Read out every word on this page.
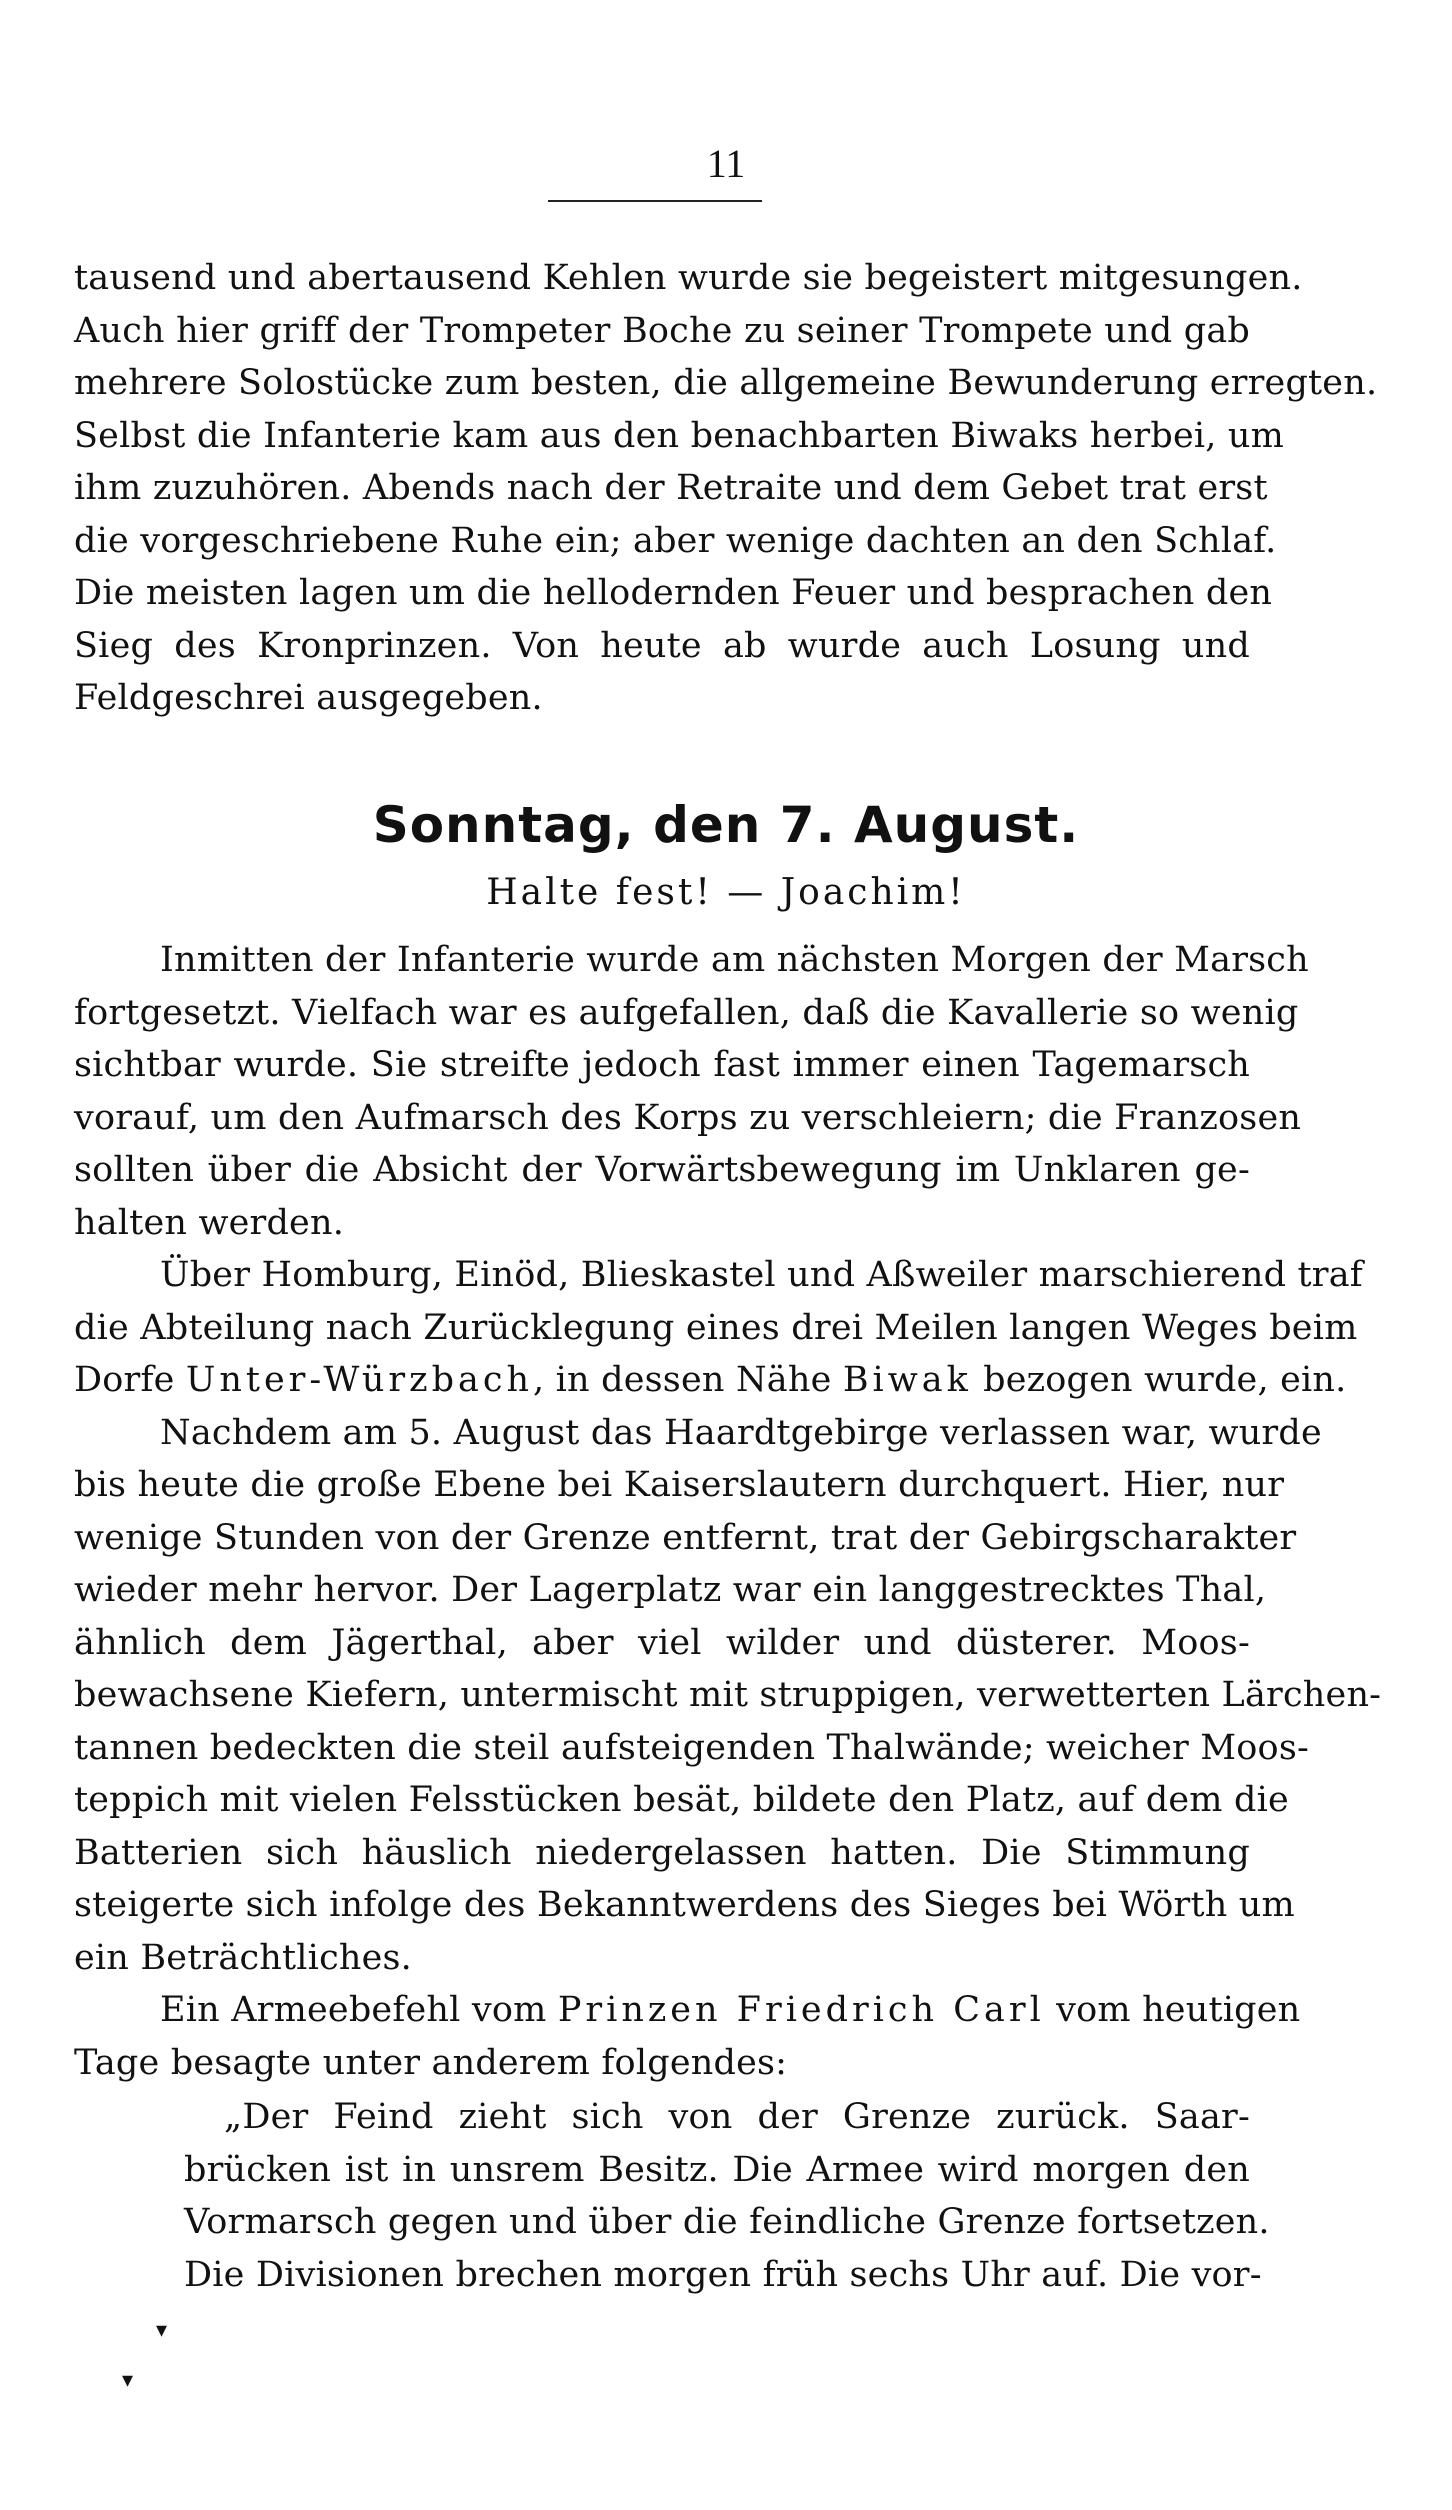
11
tausend und abertausend Kehlen wurde sie begeistert mitgesungen.
Auch hier griff der Trompeter Boche zu seiner Trompete und gab
mehrere Solostücke zum besten, die allgemeine Bewunderung erregten.
Selbst die Infanterie kam aus den benachbarten Biwaks herbei, um
ihm zuzuhören. Abends nach der Retraite und dem Gebet trat erst
die vorgeschriebene Ruhe ein; aber wenige dachten an den Schlaf.
Die meisten lagen um die hellodernden Feuer und besprachen den
Sieg des Kronprinzen. Von heute ab wurde auch Losung und
Feldgeschrei ausgegeben.
Sonntag, den 7. August.
Halte fest! — Joachim!
Inmitten der Infanterie wurde am nächsten Morgen der Marsch
fortgesetzt. Vielfach war es aufgefallen, daß die Kavallerie so wenig
sichtbar wurde. Sie streifte jedoch fast immer einen Tagemarsch
vorauf, um den Aufmarsch des Korps zu verschleiern; die Franzosen
sollten über die Absicht der Vorwärtsbewegung im Unklaren ge-
halten werden.
Über Homburg, Einöd, Blieskastel und Aßweiler marschierend traf
die Abteilung nach Zurücklegung eines drei Meilen langen Weges beim
Dorfe Unter-Würzbach, in dessen Nähe Biwak bezogen wurde, ein.
Nachdem am 5. August das Haardtgebirge verlassen war, wurde
bis heute die große Ebene bei Kaiserslautern durchquert. Hier, nur
wenige Stunden von der Grenze entfernt, trat der Gebirgscharakter
wieder mehr hervor. Der Lagerplatz war ein langgestrecktes Thal,
ähnlich dem Jägerthal, aber viel wilder und düsterer. Moos-
bewachsene Kiefern, untermischt mit struppigen, verwetterten Lärchen-
tannen bedeckten die steil aufsteigenden Thalwände; weicher Moos-
teppich mit vielen Felsstücken besät, bildete den Platz, auf dem die
Batterien sich häuslich niedergelassen hatten. Die Stimmung
steigerte sich infolge des Bekanntwerdens des Sieges bei Wörth um
ein Beträchtliches.
Ein Armeebefehl vom Prinzen Friedrich Carl vom heutigen
Tage besagte unter anderem folgendes:
„Der Feind zieht sich von der Grenze zurück. Saar-
brücken ist in unsrem Besitz. Die Armee wird morgen den
Vormarsch gegen und über die feindliche Grenze fortsetzen.
Die Divisionen brechen morgen früh sechs Uhr auf. Die vor-
▾
▾
